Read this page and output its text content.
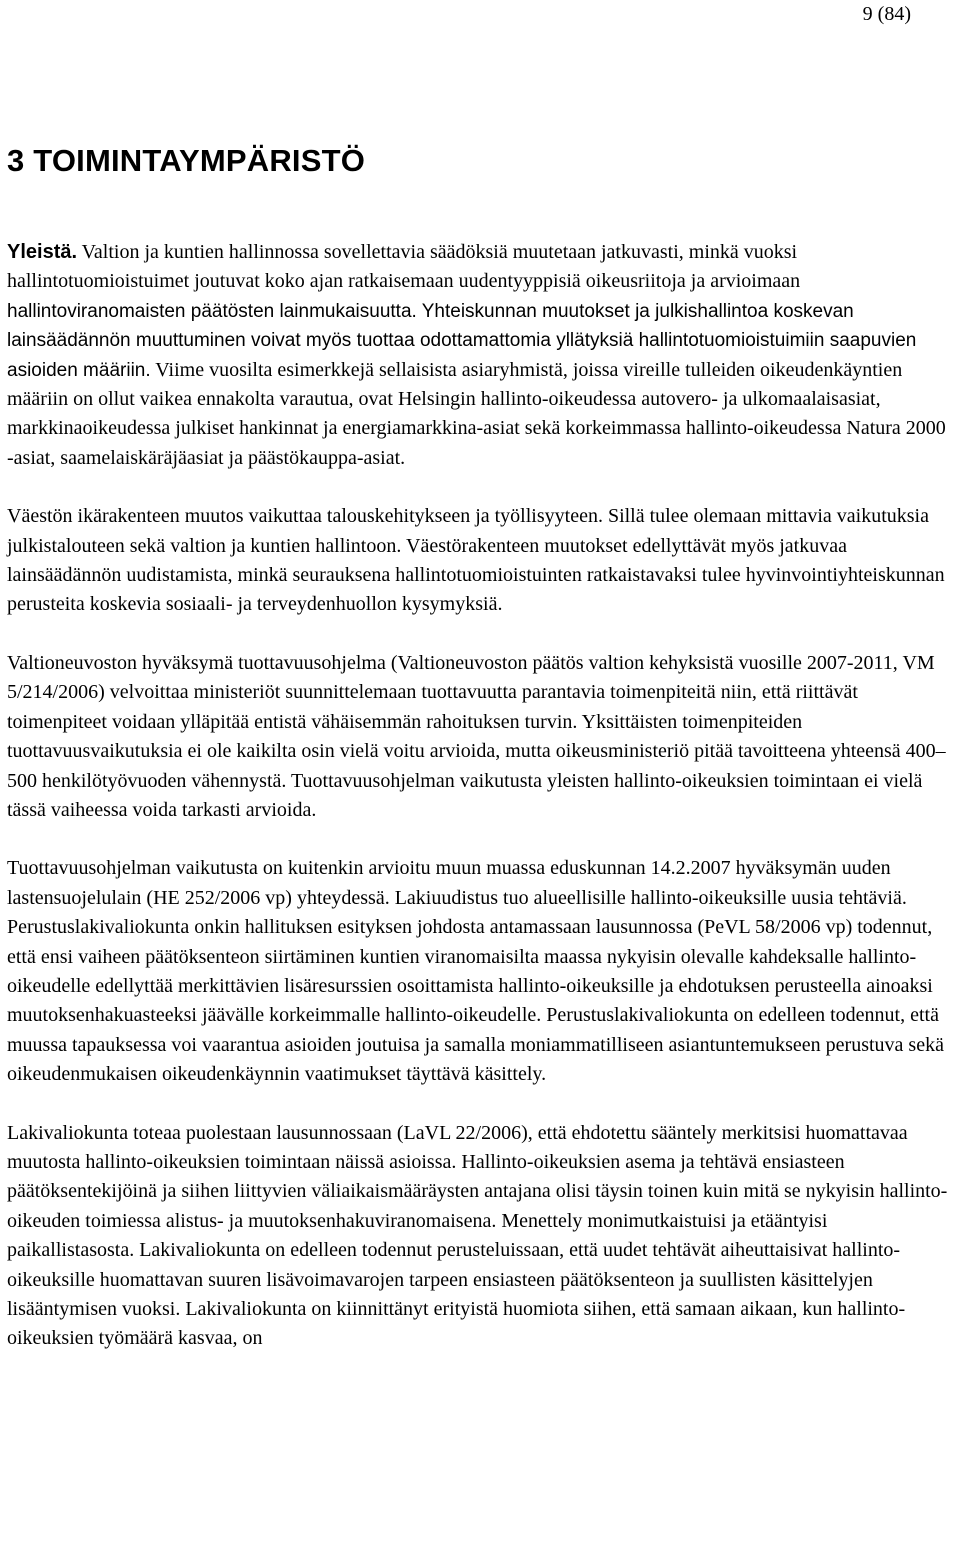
9 (84)
3 TOIMINTAYMPÄRISTÖ

Yleistä. Valtion ja kuntien hallinnossa sovellettavia säädöksiä muutetaan jatkuvasti, minkä vuoksi hallintotuomioistuimet joutuvat koko ajan ratkaisemaan uudentyyppisiä oikeusriitoja ja arvioimaan hallintoviranomaisten päätösten lainmukaisuutta. Yhteiskunnan muutokset ja julkishallintoa koskevan lainsäädännön muuttuminen voivat myös tuottaa odottamattomia yllätyksiä hallintotuomioistuimiin saapuvien asioiden määriin. Viime vuosilta esimerkkejä sellaisista asiaryhmistä, joissa vireille tulleiden oikeudenkäyntien määriin on ollut vaikea ennakolta varautua, ovat Helsingin hallinto-oikeudessa autovero- ja ulkomaalaisasiat, markkinaoikeudessa julkiset hankinnat ja energiamarkkina-asiat sekä korkeimmassa hallinto-oikeudessa Natura 2000 -asiat, saamelaiskäräjäasiat ja päästökauppa-asiat.

Väestön ikärakenteen muutos vaikuttaa talouskehitykseen ja työllisyyteen. Sillä tulee olemaan mittavia vaikutuksia julkistalouteen sekä valtion ja kuntien hallintoon. Väestörakenteen muutokset edellyttävät myös jatkuvaa lainsäädännön uudistamista, minkä seurauksena hallintotuomioistuinten ratkaistavaksi tulee hyvinvointiyhteiskunnan perusteita koskevia sosiaali- ja terveydenhuollon kysymyksiä.

Valtioneuvoston hyväksymä tuottavuusohjelma (Valtioneuvoston päätös valtion kehyksistä vuosille 2007-2011, VM 5/214/2006) velvoittaa ministeriöt suunnittelemaan tuottavuutta parantavia toimenpiteitä niin, että riittävät toimenpiteet voidaan ylläpitää entistä vähäisemmän rahoituksen turvin. Yksittäisten toimenpiteiden tuottavuusvaikutuksia ei ole kaikilta osin vielä voitu arvioida, mutta oikeusministeriö pitää tavoitteena yhteensä 400–500 henkilötyövuoden vähennystä. Tuottavuusohjelman vaikutusta yleisten hallinto-oikeuksien toimintaan ei vielä tässä vaiheessa voida tarkasti arvioida.

Tuottavuusohjelman vaikutusta on kuitenkin arvioitu muun muassa eduskunnan 14.2.2007 hyväksymän uuden lastensuojelulain (HE 252/2006 vp) yhteydessä. Lakiuudistus tuo alueellisille hallinto-oikeuksille uusia tehtäviä. Perustuslakivaliokunta onkin hallituksen esityksen johdosta antamassaan lausunnossa (PeVL 58/2006 vp) todennut, että ensi vaiheen päätöksenteon siirtäminen kuntien viranomaisilta maassa nykyisin olevalle kahdeksalle hallinto-oikeudelle edellyttää merkittävien lisäresurssien osoittamista hallinto-oikeuksille ja ehdotuksen perusteella ainoaksi muutoksenhakuasteeksi jäävälle korkeimmalle hallinto-oikeudelle. Perustuslakivaliokunta on edelleen todennut, että muussa tapauksessa voi vaarantua asioiden joutuisa ja samalla moniammatilliseen asiantuntemukseen perustuva sekä oikeudenmukaisen oikeudenkäynnin vaatimukset täyttävä käsittely.

Lakivaliokunta toteaa puolestaan lausunnossaan (LaVL 22/2006), että ehdotettu sääntely merkitsisi huomattavaa muutosta hallinto-oikeuksien toimintaan näissä asioissa. Hallinto-oikeuksien asema ja tehtävä ensiasteen päätöksentekijöinä ja siihen liittyvien väliaikaismääräysten antajana olisi täysin toinen kuin mitä se nykyisin hallinto-oikeuden toimiessa alistus- ja muutoksenhakuviranomaisena. Menettely monimutkaistuisi ja etääntyisi paikallistasosta. Lakivaliokunta on edelleen todennut perusteluissaan, että uudet tehtävät aiheuttaisivat hallinto-oikeuksille huomattavan suuren lisävoimavarojen tarpeen ensiasteen päätöksenteon ja suullisten käsittelyjen lisääntymisen vuoksi. Lakivaliokunta on kiinnittänyt erityistä huomiota siihen, että samaan aikaan, kun hallinto-oikeuksien työmäärä kasvaa, on
